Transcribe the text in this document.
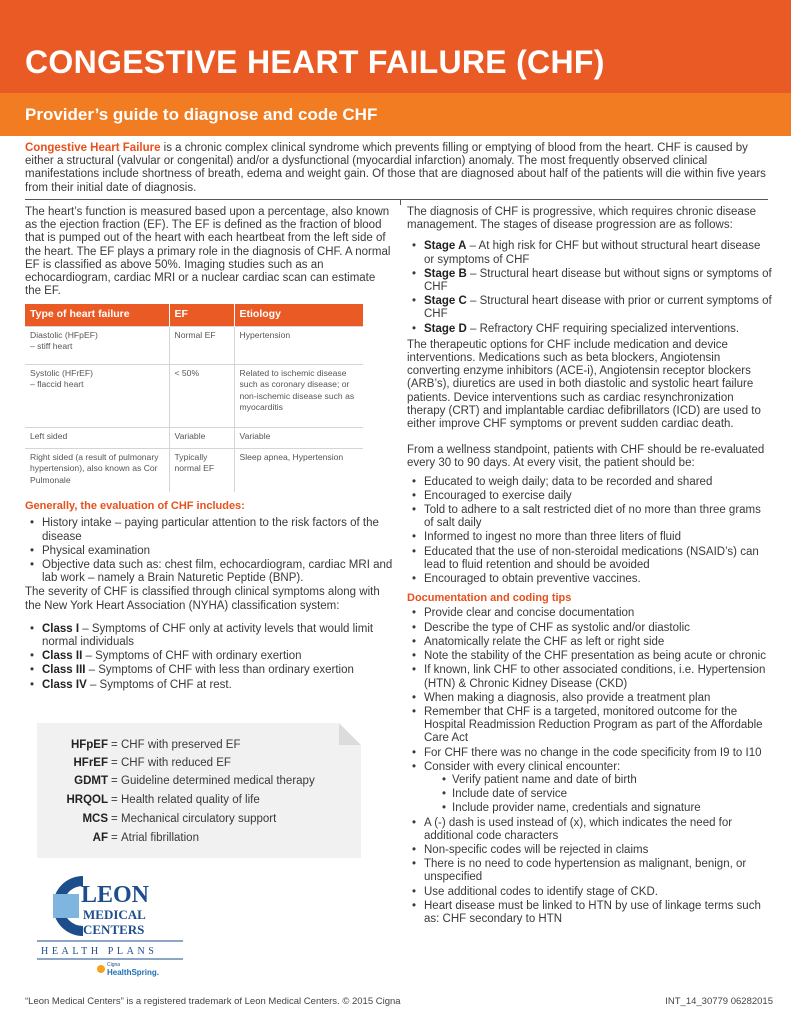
CONGESTIVE HEART FAILURE (CHF)
Provider’s guide to diagnose and code CHF
Congestive Heart Failure is a chronic complex clinical syndrome which prevents filling or emptying of blood from the heart. CHF is caused by either a structural (valvular or congenital) and/or a dysfunctional (myocardial infarction) anomaly. The most frequently observed clinical manifestations include shortness of breath, edema and weight gain. Of those that are diagnosed about half of the patients will die within five years from their initial date of diagnosis.

The heart’s function is measured based upon a percentage, also known as the ejection fraction (EF). The EF is defined as the fraction of blood that is pumped out of the heart with each heartbeat from the left side of the heart. The EF plays a primary role in the diagnosis of CHF. A normal EF is classified as above 50%. Imaging studies such as an echocardiogram, cardiac MRI or a nuclear cardiac scan can estimate the EF.

Type of heart failure	EF	Etiology
Diastolic (HFpEF)
– stiff heart	Normal EF	Hypertension
Systolic (HFrEF)
– flaccid heart	< 50%	Related to ischemic disease such as coronary disease; or non-ischemic disease such as myocarditis
Left sided	Variable	Variable
Right sided (a result of pulmonary hypertension), also known as Cor Pulmonale	Typically normal EF	Sleep apnea, Hypertension

Generally, the evaluation of CHF includes:

• History intake – paying particular attention to the risk factors of the disease
• Physical examination
• Objective data such as: chest film, echocardiogram, cardiac MRI and lab work – namely a Brain Naturetic Peptide (BNP).

The severity of CHF is classified through clinical symptoms along with the New York Heart Association (NYHA) classification system:

• Class I – Symptoms of CHF only at activity levels that would limit normal individuals
• Class II – Symptoms of CHF with ordinary exertion
• Class III – Symptoms of CHF with less than ordinary exertion
• Class IV – Symptoms of CHF at rest.
HFpEF = CHF with preserved EF
HFrEF = CHF with reduced EF
GDMT = Guideline determined medical therapy
HRQOL = Health related quality of life
MCS = Mechanical circulatory support
AF = Atrial fibrillation
LEON
MEDICAL
CENTERS
HEALTH PLANS
Cigna
HealthSpring.

The diagnosis of CHF is progressive, which requires chronic disease management. The stages of disease progression are as follows:

• Stage A – At high risk for CHF but without structural heart disease or symptoms of CHF
• Stage B – Structural heart disease but without signs or symptoms of CHF
• Stage C – Structural heart disease with prior or current symptoms of CHF
• Stage D – Refractory CHF requiring specialized interventions.

The therapeutic options for CHF include medication and device interventions. Medications such as beta blockers, Angiotensin converting enzyme inhibitors (ACE-i), Angiotensin receptor blockers (ARB’s), diuretics are used in both diastolic and systolic heart failure patients. Device interventions such as cardiac resynchronization therapy (CRT) and implantable cardiac defibrillators (ICD) are used to either improve CHF symptoms or prevent sudden cardiac death.

From a wellness standpoint, patients with CHF should be re-evaluated every 30 to 90 days. At every visit, the patient should be:

• Educated to weigh daily; data to be recorded and shared
• Encouraged to exercise daily
• Told to adhere to a salt restricted diet of no more than three grams of salt daily
• Informed to ingest no more than three liters of fluid
• Educated that the use of non-steroidal medications (NSAID’s) can lead to fluid retention and should be avoided
• Encouraged to obtain preventive vaccines.

Documentation and coding tips

• Provide clear and concise documentation
• Describe the type of CHF as systolic and/or diastolic
• Anatomically relate the CHF as left or right side
• Note the stability of the CHF presentation as being acute or chronic
• If known, link CHF to other associated conditions, i.e. Hypertension (HTN) & Chronic Kidney Disease (CKD)
• When making a diagnosis, also provide a treatment plan
• Remember that CHF is a targeted, monitored outcome for the Hospital Readmission Reduction Program as part of the Affordable Care Act
• For CHF there was no change in the code specificity from I9 to I10
• Consider with every clinical encounter:
• Verify patient name and date of birth
• Include date of service
• Include provider name, credentials and signature
• A (-) dash is used instead of (x), which indicates the need for additional code characters
• Non-specific codes will be rejected in claims
• There is no need to code hypertension as malignant, benign, or unspecified
• Use additional codes to identify stage of CKD.
• Heart disease must be linked to HTN by use of linkage terms such as: CHF secondary to HTN
“Leon Medical Centers” is a registered trademark of Leon Medical Centers. © 2015 Cigna	INT_14_30779 06282015
